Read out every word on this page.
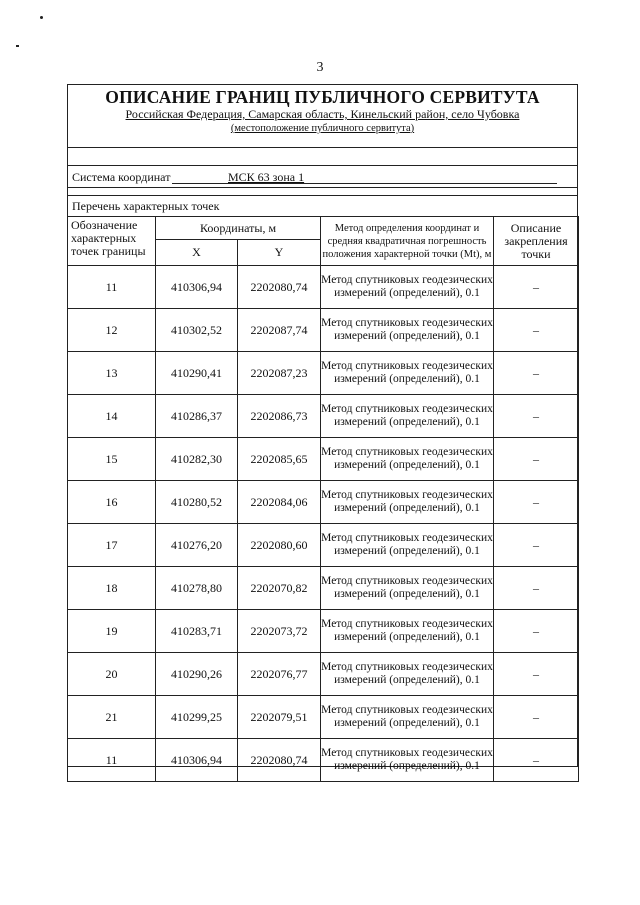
3
ОПИСАНИЕ ГРАНИЦ ПУБЛИЧНОГО СЕРВИТУТА
Российская Федерация, Самарская область, Кинельский район, село Чубовка
(местоположение публичного сервитута)
Система координат	МСК 63 зона 1
Перечень характерных точек
Обозначение характерных точек границы	Координаты, м		Метод определения координат и средняя квадратичная погрешность положения характерной точки (Mt), м	Описание закрепления точки
	X	Y		
11	410306,94	2202080,74	Метод спутниковых геодезических измерений (определений), 0.1	–
12	410302,52	2202087,74	Метод спутниковых геодезических измерений (определений), 0.1	–
13	410290,41	2202087,23	Метод спутниковых геодезических измерений (определений), 0.1	–
14	410286,37	2202086,73	Метод спутниковых геодезических измерений (определений), 0.1	–
15	410282,30	2202085,65	Метод спутниковых геодезических измерений (определений), 0.1	–
16	410280,52	2202084,06	Метод спутниковых геодезических измерений (определений), 0.1	–
17	410276,20	2202080,60	Метод спутниковых геодезических измерений (определений), 0.1	–
18	410278,80	2202070,82	Метод спутниковых геодезических измерений (определений), 0.1	–
19	410283,71	2202073,72	Метод спутниковых геодезических измерений (определений), 0.1	–
20	410290,26	2202076,77	Метод спутниковых геодезических измерений (определений), 0.1	–
21	410299,25	2202079,51	Метод спутниковых геодезических измерений (определений), 0.1	–
11	410306,94	2202080,74	Метод спутниковых геодезических измерений (определений), 0.1	–
